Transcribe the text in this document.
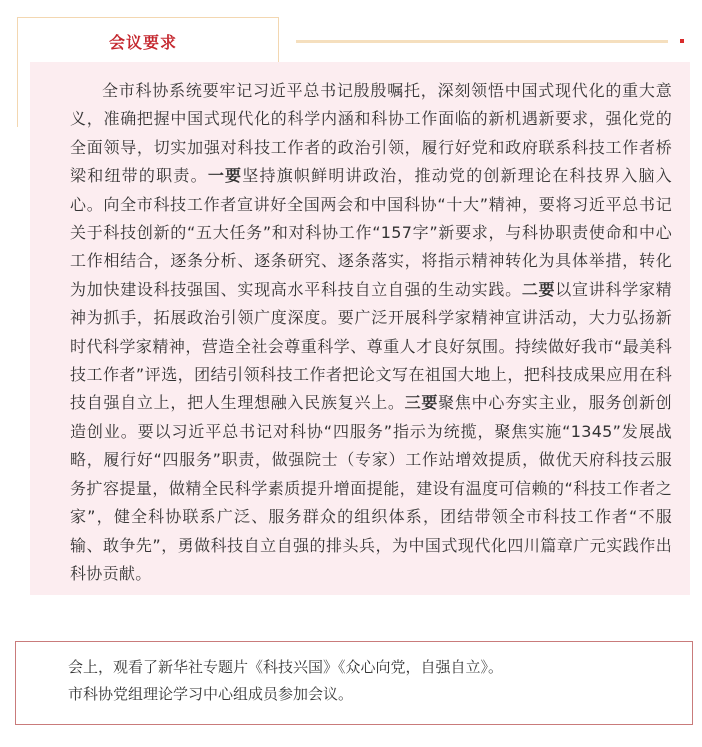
会议要求

全市科协系统要牢记习近平总书记殷殷嘱托，深刻领悟中国式现代化的重大意义，准确把握中国式现代化的科学内涵和科协工作面临的新机遇新要求，强化党的全面领导，切实加强对科技工作者的政治引领，履行好党和政府联系科技工作者桥梁和纽带的职责。一要坚持旗帜鲜明讲政治，推动党的创新理论在科技界入脑入心。向全市科技工作者宣讲好全国两会和中国科协“十大”精神，要将习近平总书记关于科技创新的“五大任务”和对科协工作“157字”新要求，与科协职责使命和中心工作相结合，逐条分析、逐条研究、逐条落实，将指示精神转化为具体举措，转化为加快建设科技强国、实现高水平科技自立自强的生动实践。二要以宣讲科学家精神为抓手，拓展政治引领广度深度。要广泛开展科学家精神宣讲活动，大力弘扬新时代科学家精神，营造全社会尊重科学、尊重人才良好氛围。持续做好我市“最美科技工作者”评选，团结引领科技工作者把论文写在祖国大地上，把科技成果应用在科技自强自立上，把人生理想融入民族复兴上。三要聚焦中心夯实主业，服务创新创造创业。要以习近平总书记对科协“四服务”指示为统揽，聚焦实施“1345”发展战略，履行好“四服务”职责，做强院士（专家）工作站增效提质，做优天府科技云服务扩容提量，做精全民科学素质提升增面提能，建设有温度可信赖的“科技工作者之家”，健全科协联系广泛、服务群众的组织体系，团结带领全市科技工作者“不服输、敢争先”，勇做科技自立自强的排头兵，为中国式现代化四川篇章广元实践作出科协贡献。

会上，观看了新华社专题片《科技兴国》《众心向党，自强自立》。

市科协党组理论学习中心组成员参加会议。
